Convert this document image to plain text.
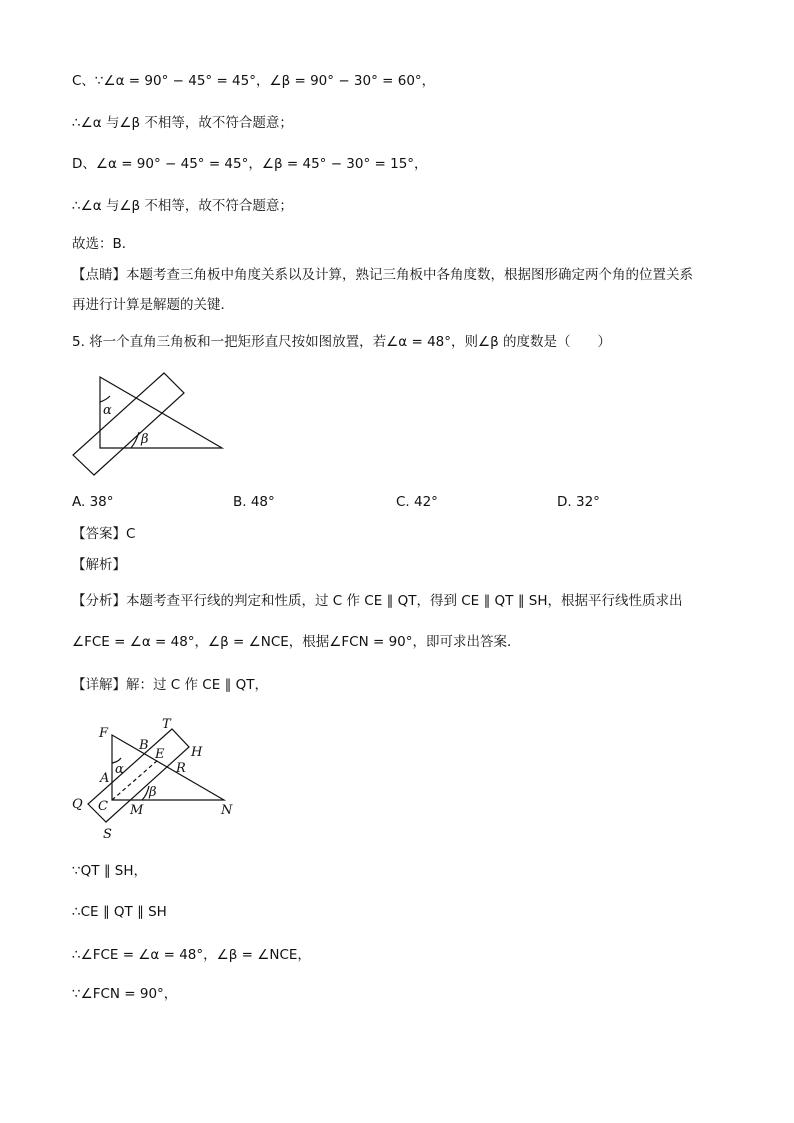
C、∵∠α = 90° − 45° = 45°，∠β = 90° − 30° = 60°，
∴∠α 与∠β 不相等，故不符合题意；
D、∠α = 90° − 45° = 45°，∠β = 45° − 30° = 15°，
∴∠α 与∠β 不相等，故不符合题意；
故选：B．
【点睛】本题考查三角板中角度关系以及计算，熟记三角板中各角度数，根据图形确定两个角的位置关系
再进行计算是解题的关键．
5. 将一个直角三角板和一把矩形直尺按如图放置，若∠α = 48°，则∠β 的度数是（　　）
α
β
A. 38°	B. 48°	C. 42°	D. 32°
【答案】C
【解析】
【分析】本题考查平行线的判定和性质，过 C 作 CE ∥ QT，得到 CE ∥ QT ∥ SH，根据平行线性质求出
∠FCE = ∠α = 48°，∠β = ∠NCE，根据∠FCN = 90°，即可求出答案．
【详解】解：过 C 作 CE ∥ QT，
F
T
B	H
E
R
A
α
β
Q C M	N
S
∵QT ∥ SH，
∴CE ∥ QT ∥ SH
∴∠FCE = ∠α = 48°，∠β = ∠NCE，
∵∠FCN = 90°，
